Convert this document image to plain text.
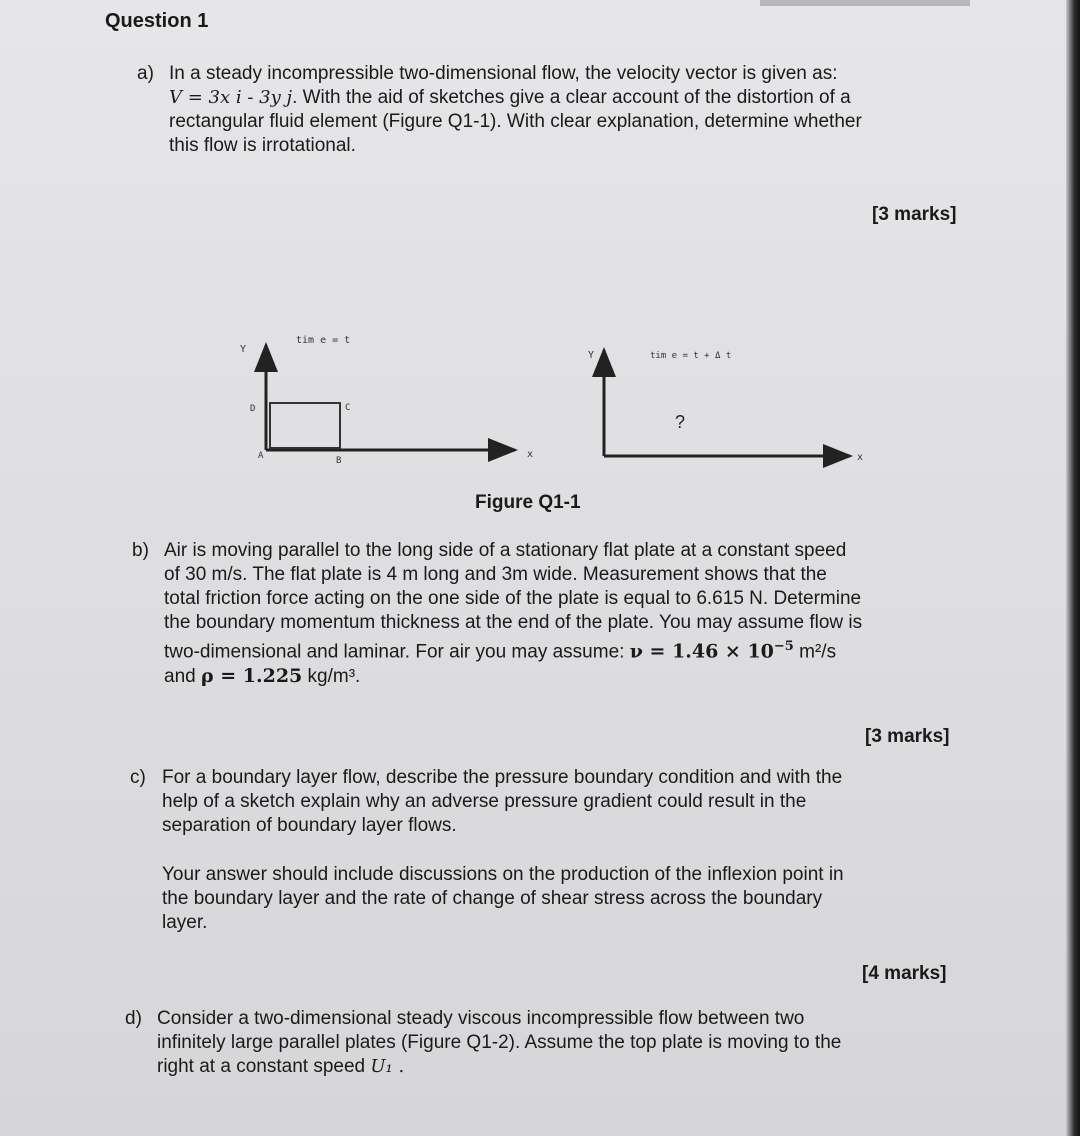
Question 1
a) In a steady incompressible two-dimensional flow, the velocity vector is given as:
V = 3x i - 3y j. With the aid of sketches give a clear account of the distortion of a
rectangular fluid element (Figure Q1-1). With clear explanation, determine whether
this flow is irrotational.
[3 marks]
tim e = t
Y
x
A	B
C
D
tim e = t + Δ t
Y
x
?
Figure Q1-1
b) Air is moving parallel to the long side of a stationary flat plate at a constant speed
of 30 m/s. The flat plate is 4 m long and 3m wide. Measurement shows that the
total friction force acting on the one side of the plate is equal to 6.615 N. Determine
the boundary momentum thickness at the end of the plate. You may assume flow is
two-dimensional and laminar. For air you may assume: $\nu = 1.46 \times 10^{-5}$ m²/s
and ρ = 1.225 kg/m³.
[3 marks]
c) For a boundary layer flow, describe the pressure boundary condition and with the
help of a sketch explain why an adverse pressure gradient could result in the
separation of boundary layer flows.
Your answer should include discussions on the production of the inflexion point in
the boundary layer and the rate of change of shear stress across the boundary
layer.
[4 marks]
d) Consider a two-dimensional steady viscous incompressible flow between two
infinitely large parallel plates (Figure Q1-2). Assume the top plate is moving to the
right at a constant speed U₁ .
